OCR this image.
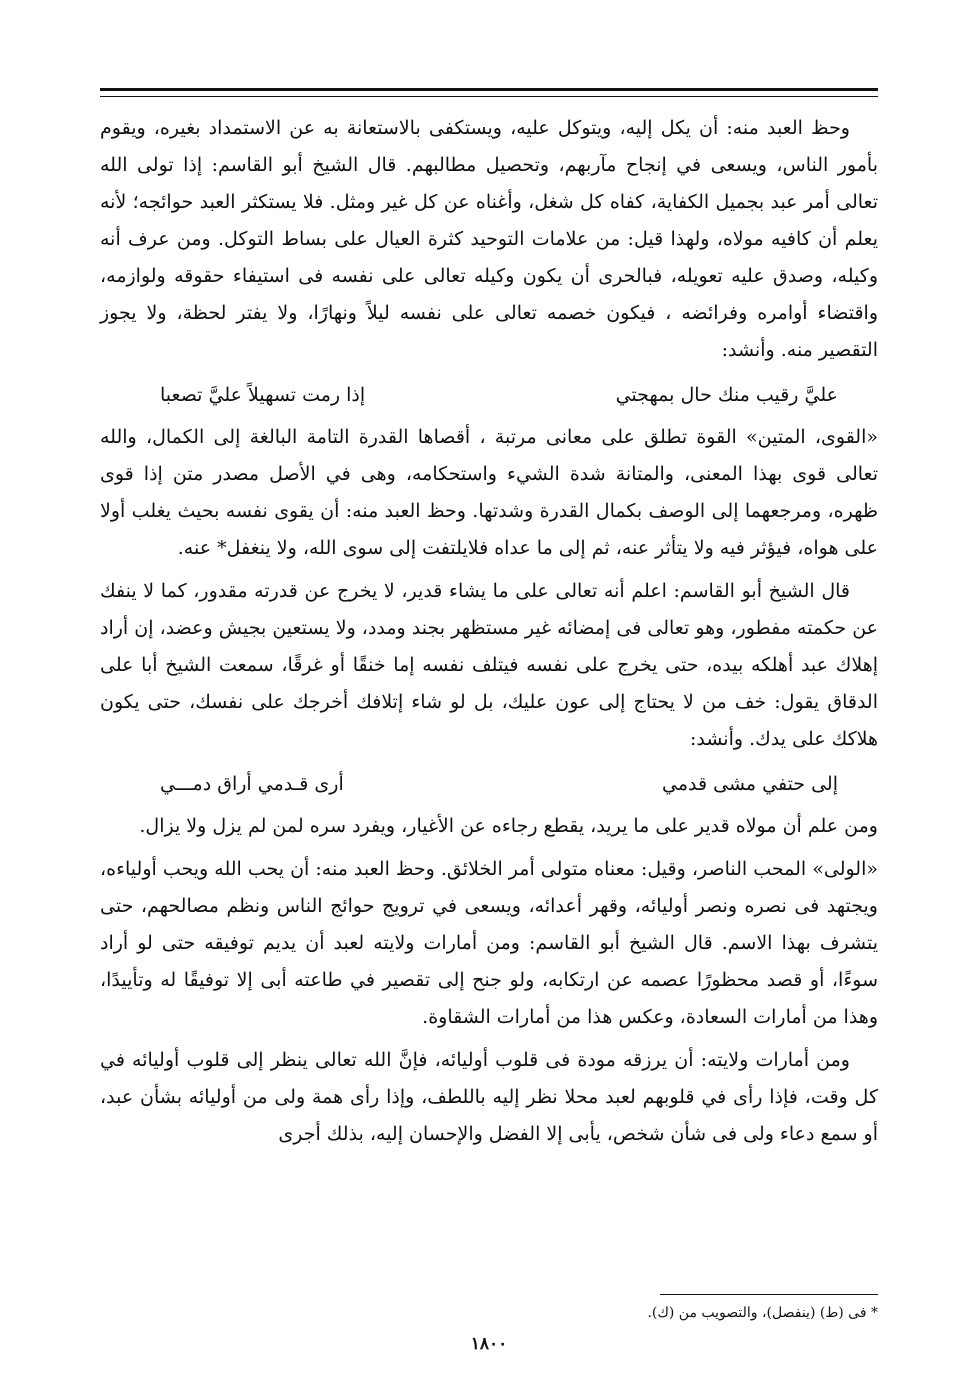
وحظ العبد منه: أن يكل إليه، ويتوكل عليه، ويستكفى بالاستعانة به عن الاستمداد بغيره، ويقوم بأمور الناس، ويسعى في إنجاح مآربهم، وتحصيل مطالبهم. قال الشيخ أبو القاسم: إذا تولى الله تعالى أمر عبد بجميل الكفاية، كفاه كل شغل، وأغناه عن كل غير ومثل. فلا يستكثر العبد حوائجه؛ لأنه يعلم أن كافيه مولاه، ولهذا قيل: من علامات التوحيد كثرة العيال على بساط التوكل. ومن عرف أنه وكيله، وصدق عليه تعويله، فبالحرى أن يكون وكيله تعالى على نفسه فى استيفاء حقوقه ولوازمه، واقتضاء أوامره وفرائضه ، فيكون خصمه تعالى على نفسه ليلاً ونهارًا، ولا يفتر لحظة، ولا يجوز التقصير منه. وأنشد:

عليَّ رقيب منك حال بمهجتي
إذا رمت تسهيلاً عليَّ تصعبا

«القوى، المتين» القوة تطلق على معانى مرتبة ، أقصاها القدرة التامة البالغة إلى الكمال، والله تعالى قوى بهذا المعنى، والمتانة شدة الشيء واستحكامه، وهى في الأصل مصدر متن إذا قوى ظهره، ومرجعهما إلى الوصف بكمال القدرة وشدتها. وحظ العبد منه: أن يقوى نفسه بحيث يغلب أولا على هواه، فيؤثر فيه ولا يتأثر عنه، ثم إلى ما عداه فلايلتفت إلى سوى الله، ولا ينغفل* عنه.

قال الشيخ أبو القاسم: اعلم أنه تعالى على ما يشاء قدير، لا يخرج عن قدرته مقدور، كما لا ينفك عن حكمته مفطور، وهو تعالى فى إمضائه غير مستظهر بجند ومدد، ولا يستعين بجيش وعضد، إن أراد إهلاك عبد أهلكه بيده، حتى يخرج على نفسه فيتلف نفسه إما خنقًا أو غرقًا، سمعت الشيخ أبا على الدقاق يقول: خف من لا يحتاج إلى عون عليك، بل لو شاء إتلافك أخرجك على نفسك، حتى يكون هلاكك على يدك. وأنشد:

إلى حتفي مشى قدمي
أرى قـدمي أراق دمـــي

ومن علم أن مولاه قدير على ما يريد، يقطع رجاءه عن الأغيار، ويفرد سره لمن لم يزل ولا يزال.

«الولى» المحب الناصر، وقيل: معناه متولى أمر الخلائق. وحظ العبد منه: أن يحب الله ويحب أولياءه، ويجتهد فى نصره ونصر أوليائه، وقهر أعدائه، ويسعى في ترويج حوائج الناس ونظم مصالحهم، حتى يتشرف بهذا الاسم. قال الشيخ أبو القاسم: ومن أمارات ولايته لعبد أن يديم توفيقه حتى لو أراد سوءًا، أو قصد محظورًا عصمه عن ارتكابه، ولو جنح إلى تقصير في طاعته أبى إلا توفيقًا له وتأييدًا، وهذا من أمارات السعادة، وعكس هذا من أمارات الشقاوة.

ومن أمارات ولايته: أن يرزقه مودة فى قلوب أوليائه، فإنَّ الله تعالى ينظر إلى قلوب أوليائه في كل وقت، فإذا رأى في قلوبهم لعبد محلا نظر إليه باللطف، وإذا رأى همة ولى من أوليائه بشأن عبد، أو سمع دعاء ولى فى شأن شخص، يأبى إلا الفضل والإحسان إليه، بذلك أجرى

* فى (ط) (ينفصل)، والتصويب من (ك).
١٨٠٠
